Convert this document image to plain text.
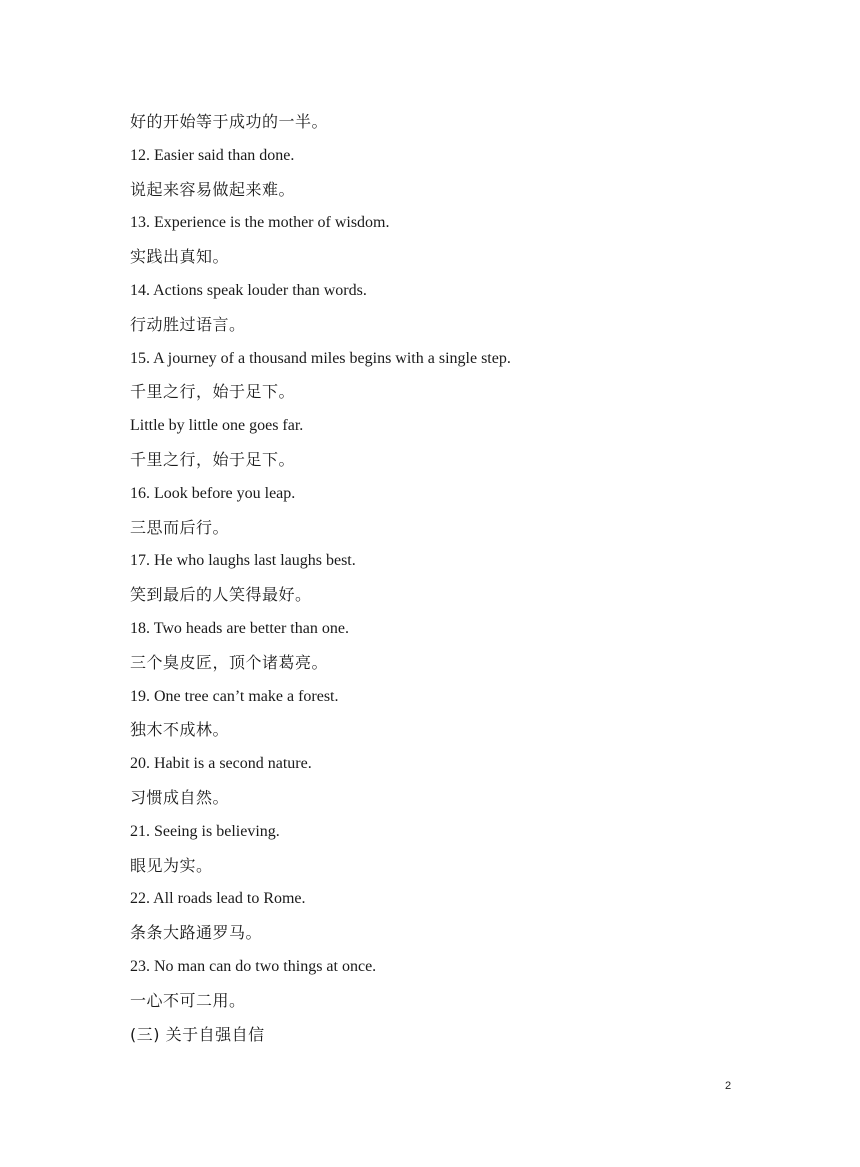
好的开始等于成功的一半。
12. Easier said than done.
说起来容易做起来难。
13. Experience is the mother of wisdom.
实践出真知。
14. Actions speak louder than words.
行动胜过语言。
15. A journey of a thousand miles begins with a single step.
千里之行，始于足下。
Little by little one goes far.
千里之行，始于足下。
16. Look before you leap.
三思而后行。
17. He who laughs last laughs best.
笑到最后的人笑得最好。
18. Two heads are better than one.
三个臭皮匠，顶个诸葛亮。
19. One tree can’t make a forest.
独木不成林。
20. Habit is a second nature.
习惯成自然。
21. Seeing is believing.
眼见为实。
22. All roads lead to Rome.
条条大路通罗马。
23. No man can do two things at once.
一心不可二用。
(三) 关于自强自信
2
